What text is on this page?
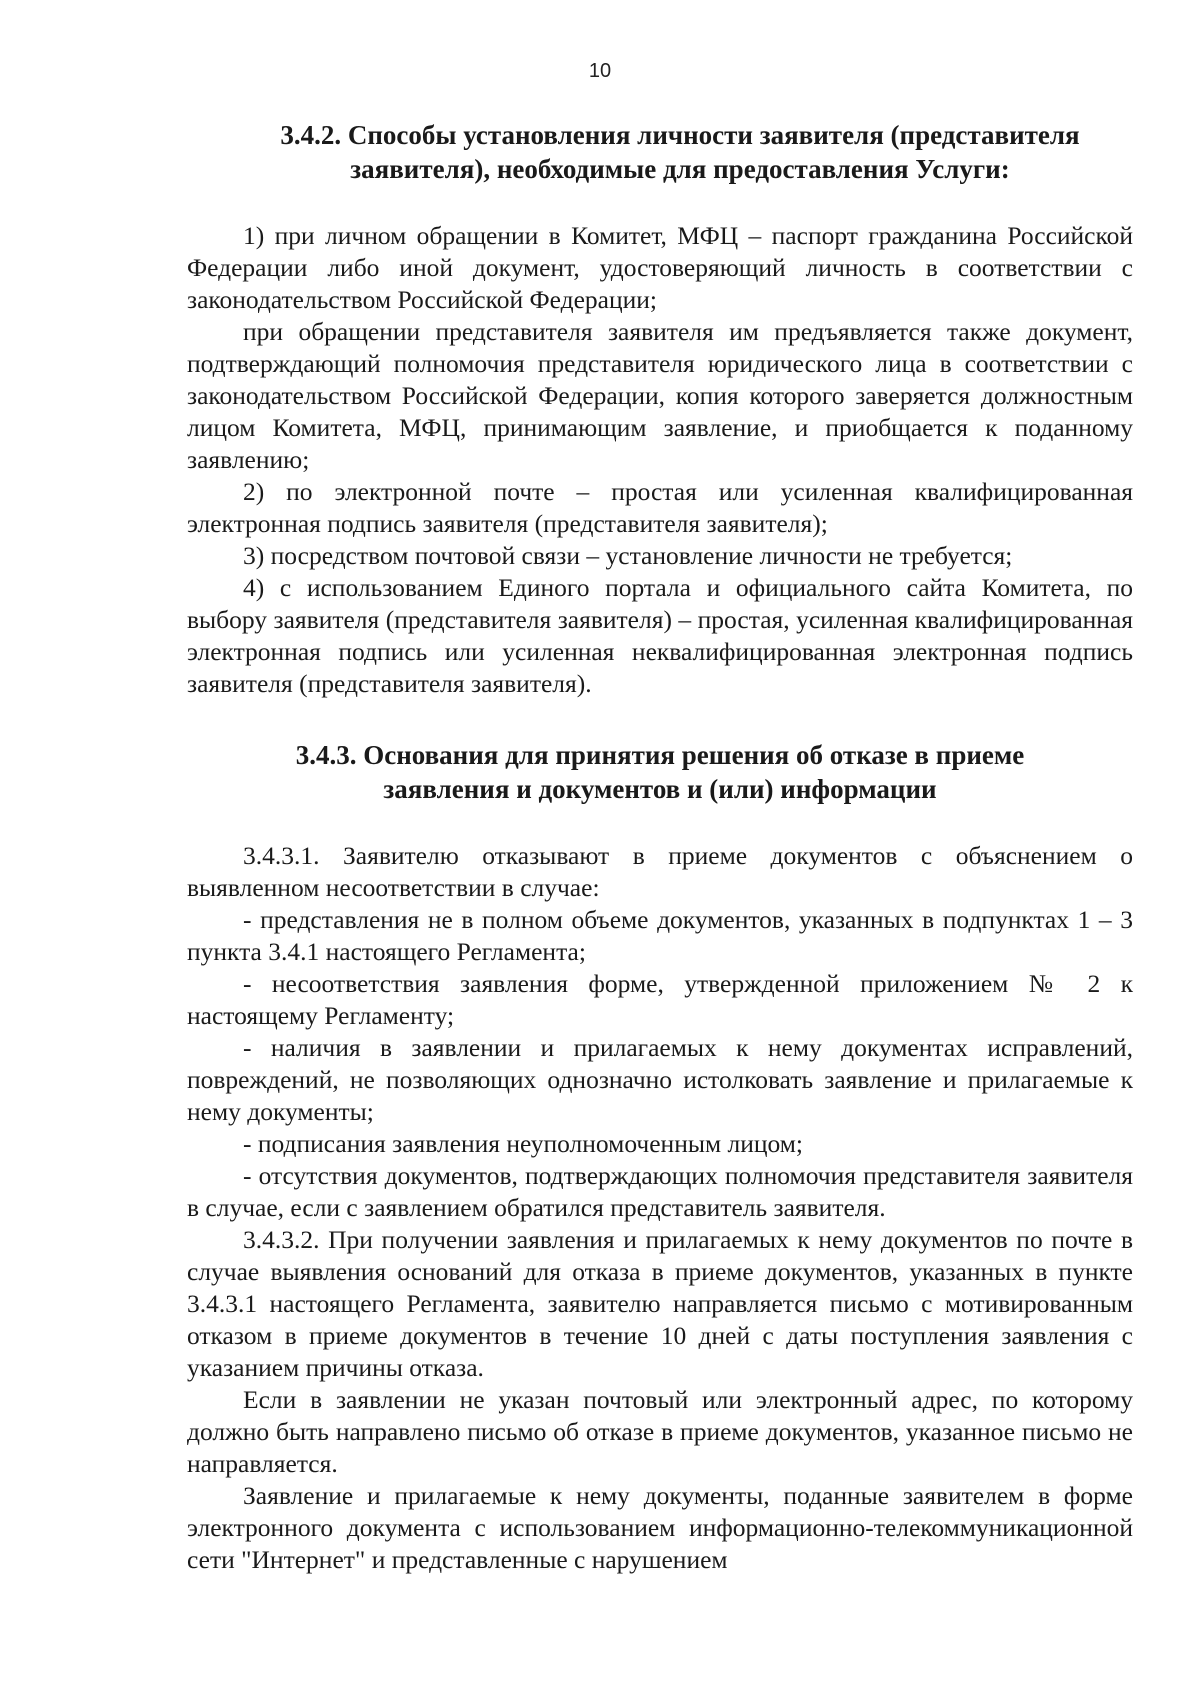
10
3.4.2. Способы установления личности заявителя (представителя
заявителя), необходимые для предоставления Услуги:

1) при личном обращении в Комитет, МФЦ – паспорт гражданина Российской Федерации либо иной документ, удостоверяющий личность в соответствии с законодательством Российской Федерации;

при обращении представителя заявителя им предъявляется также документ, подтверждающий полномочия представителя юридического лица в соответствии с законодательством Российской Федерации, копия которого заверяется должностным лицом Комитета, МФЦ, принимающим заявление, и приобщается к поданному заявлению;

2) по электронной почте – простая или усиленная квалифицированная электронная подпись заявителя (представителя заявителя);

3) посредством почтовой связи – установление личности не требуется;

4) с использованием Единого портала и официального сайта Комитета, по выбору заявителя (представителя заявителя) – простая, усиленная квалифицированная электронная подпись или усиленная неквалифицированная электронная подпись заявителя (представителя заявителя).

3.4.3. Основания для принятия решения об отказе в приеме
заявления и документов и (или) информации

3.4.3.1. Заявителю отказывают в приеме документов с объяснением о выявленном несоответствии в случае:

- представления не в полном объеме документов, указанных в подпунктах 1 – 3 пункта 3.4.1 настоящего Регламента;

- несоответствия заявления форме, утвержденной приложением № 2 к настоящему Регламенту;

- наличия в заявлении и прилагаемых к нему документах исправлений, повреждений, не позволяющих однозначно истолковать заявление и прилагаемые к нему документы;

- подписания заявления неуполномоченным лицом;

- отсутствия документов, подтверждающих полномочия представителя заявителя в случае, если с заявлением обратился представитель заявителя.

3.4.3.2. При получении заявления и прилагаемых к нему документов по почте в случае выявления оснований для отказа в приеме документов, указанных в пункте 3.4.3.1 настоящего Регламента, заявителю направляется письмо с мотивированным отказом в приеме документов в течение 10 дней с даты поступления заявления с указанием причины отказа.

Если в заявлении не указан почтовый или электронный адрес, по которому должно быть направлено письмо об отказе в приеме документов, указанное письмо не направляется.

Заявление и прилагаемые к нему документы, поданные заявителем в форме электронного документа с использованием информационно-телекоммуникационной сети "Интернет" и представленные с нарушением
